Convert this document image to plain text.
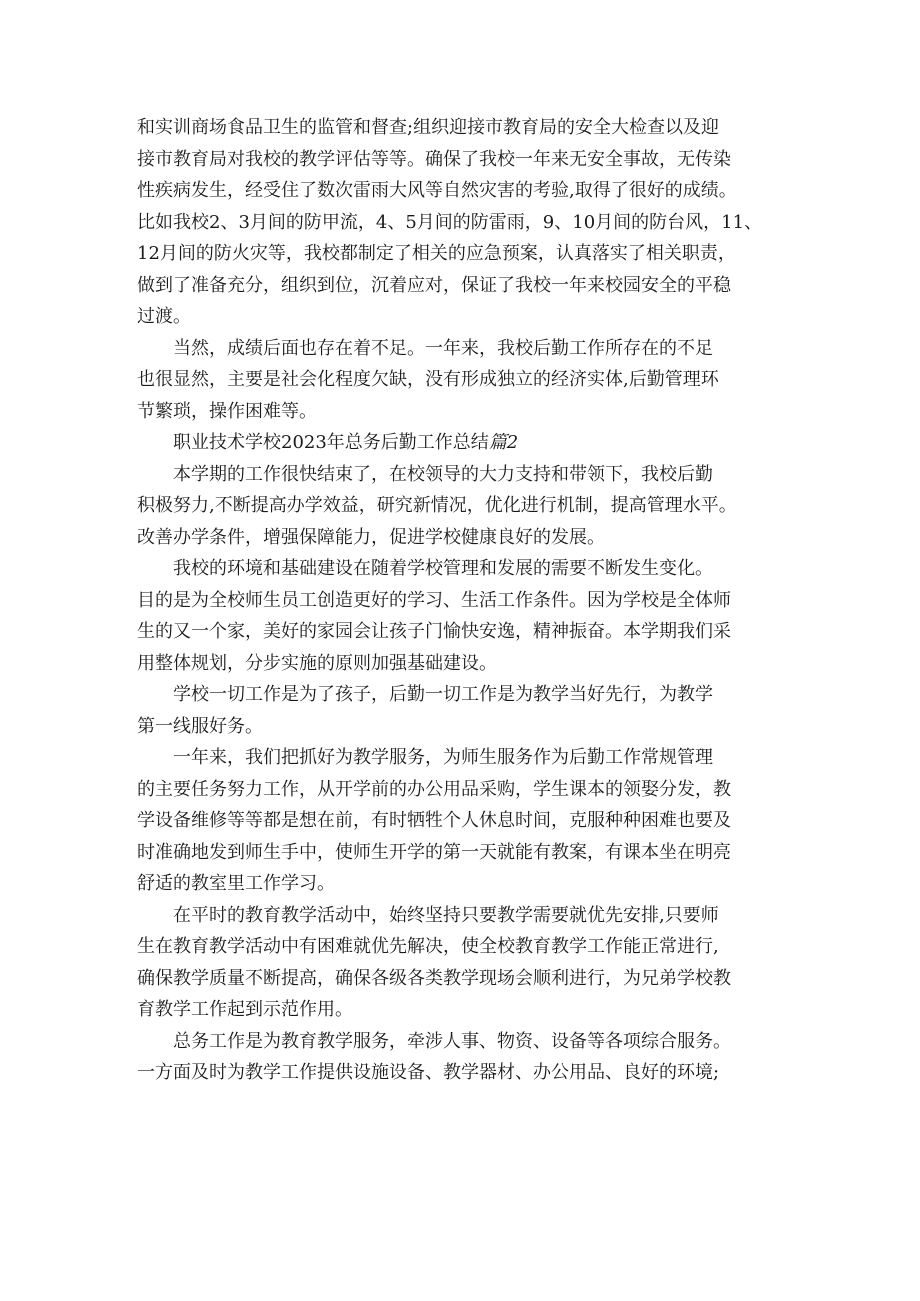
和实训商场食品卫生的监管和督查;组织迎接市教育局的安全大检查以及迎
接市教育局对我校的教学评估等等。确保了我校一年来无安全事故，无传染
性疾病发生，经受住了数次雷雨大风等自然灾害的考验,取得了很好的成绩。
比如我校2、3月间的防甲流，4、5月间的防雷雨，9、10月间的防台风，11、
12月间的防火灾等，我校都制定了相关的应急预案，认真落实了相关职责，
做到了准备充分，组织到位，沉着应对，保证了我校一年来校园安全的平稳
过渡。
当然，成绩后面也存在着不足。一年来，我校后勤工作所存在的不足
也很显然，主要是社会化程度欠缺，没有形成独立的经济实体,后勤管理环
节繁琐，操作困难等。
职业技术学校2023年总务后勤工作总结篇2
本学期的工作很快结束了，在校领导的大力支持和带领下，我校后勤
积极努力,不断提高办学效益，研究新情况，优化进行机制，提高管理水平。
改善办学条件，增强保障能力，促进学校健康良好的发展。
我校的环境和基础建设在随着学校管理和发展的需要不断发生变化。
目的是为全校师生员工创造更好的学习、生活工作条件。因为学校是全体师
生的又一个家，美好的家园会让孩子门愉快安逸，精神振奋。本学期我们采
用整体规划，分步实施的原则加强基础建设。
学校一切工作是为了孩子，后勤一切工作是为教学当好先行，为教学
第一线服好务。
一年来，我们把抓好为教学服务，为师生服务作为后勤工作常规管理
的主要任务努力工作，从开学前的办公用品采购，学生课本的领娶分发，教
学设备维修等等都是想在前，有时牺牲个人休息时间，克服种种困难也要及
时准确地发到师生手中，使师生开学的第一天就能有教案，有课本坐在明亮
舒适的教室里工作学习。
在平时的教育教学活动中，始终坚持只要教学需要就优先安排,只要师
生在教育教学活动中有困难就优先解决，使全校教育教学工作能正常进行,
确保教学质量不断提高，确保各级各类教学现场会顺利进行，为兄弟学校教
育教学工作起到示范作用。
总务工作是为教育教学服务，牵涉人事、物资、设备等各项综合服务。
一方面及时为教学工作提供设施设备、教学器材、办公用品、良好的环境;
